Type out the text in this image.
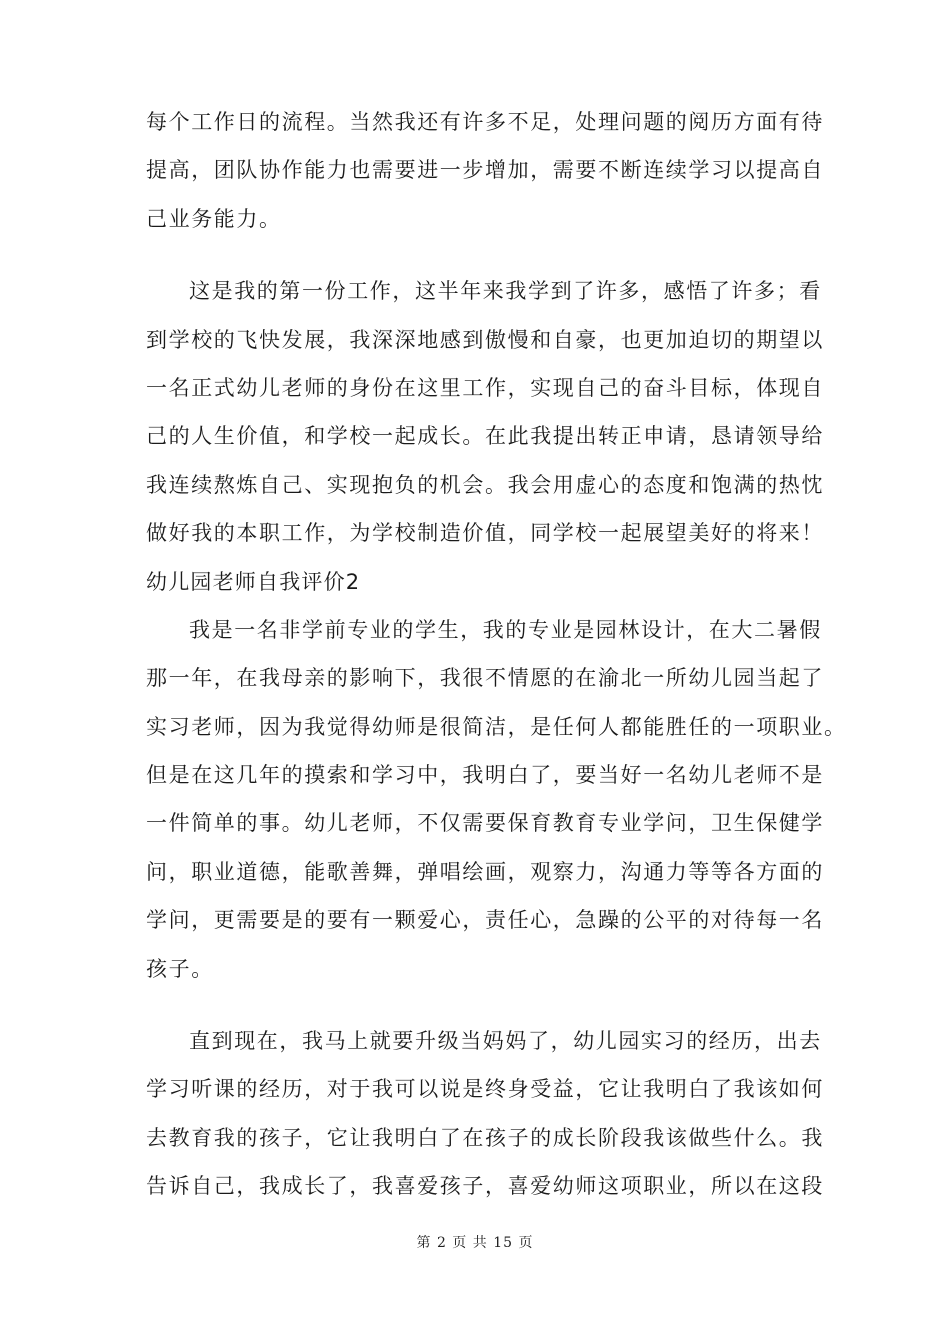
每个工作日的流程。当然我还有许多不足，处理问题的阅历方面有待
提高，团队协作能力也需要进一步增加，需要不断连续学习以提高自
己业务能力。
这是我的第一份工作，这半年来我学到了许多，感悟了许多；看
到学校的飞快发展，我深深地感到傲慢和自豪，也更加迫切的期望以
一名正式幼儿老师的身份在这里工作，实现自己的奋斗目标，体现自
己的人生价值，和学校一起成长。在此我提出转正申请，恳请领导给
我连续熬炼自己、实现抱负的机会。我会用虚心的态度和饱满的热忱
做好我的本职工作，为学校制造价值，同学校一起展望美好的将来！
幼儿园老师自我评价2
我是一名非学前专业的学生，我的专业是园林设计，在大二暑假
那一年，在我母亲的影响下，我很不情愿的在渝北一所幼儿园当起了
实习老师，因为我觉得幼师是很简洁，是任何人都能胜任的一项职业。
但是在这几年的摸索和学习中，我明白了，要当好一名幼儿老师不是
一件简单的事。幼儿老师，不仅需要保育教育专业学问，卫生保健学
问，职业道德，能歌善舞，弹唱绘画，观察力，沟通力等等各方面的
学问，更需要是的要有一颗爱心，责任心，急躁的公平的对待每一名
孩子。
直到现在，我马上就要升级当妈妈了，幼儿园实习的经历，出去
学习听课的经历，对于我可以说是终身受益，它让我明白了我该如何
去教育我的孩子，它让我明白了在孩子的成长阶段我该做些什么。我
告诉自己，我成长了，我喜爱孩子，喜爱幼师这项职业，所以在这段
第 2 页 共 15 页
